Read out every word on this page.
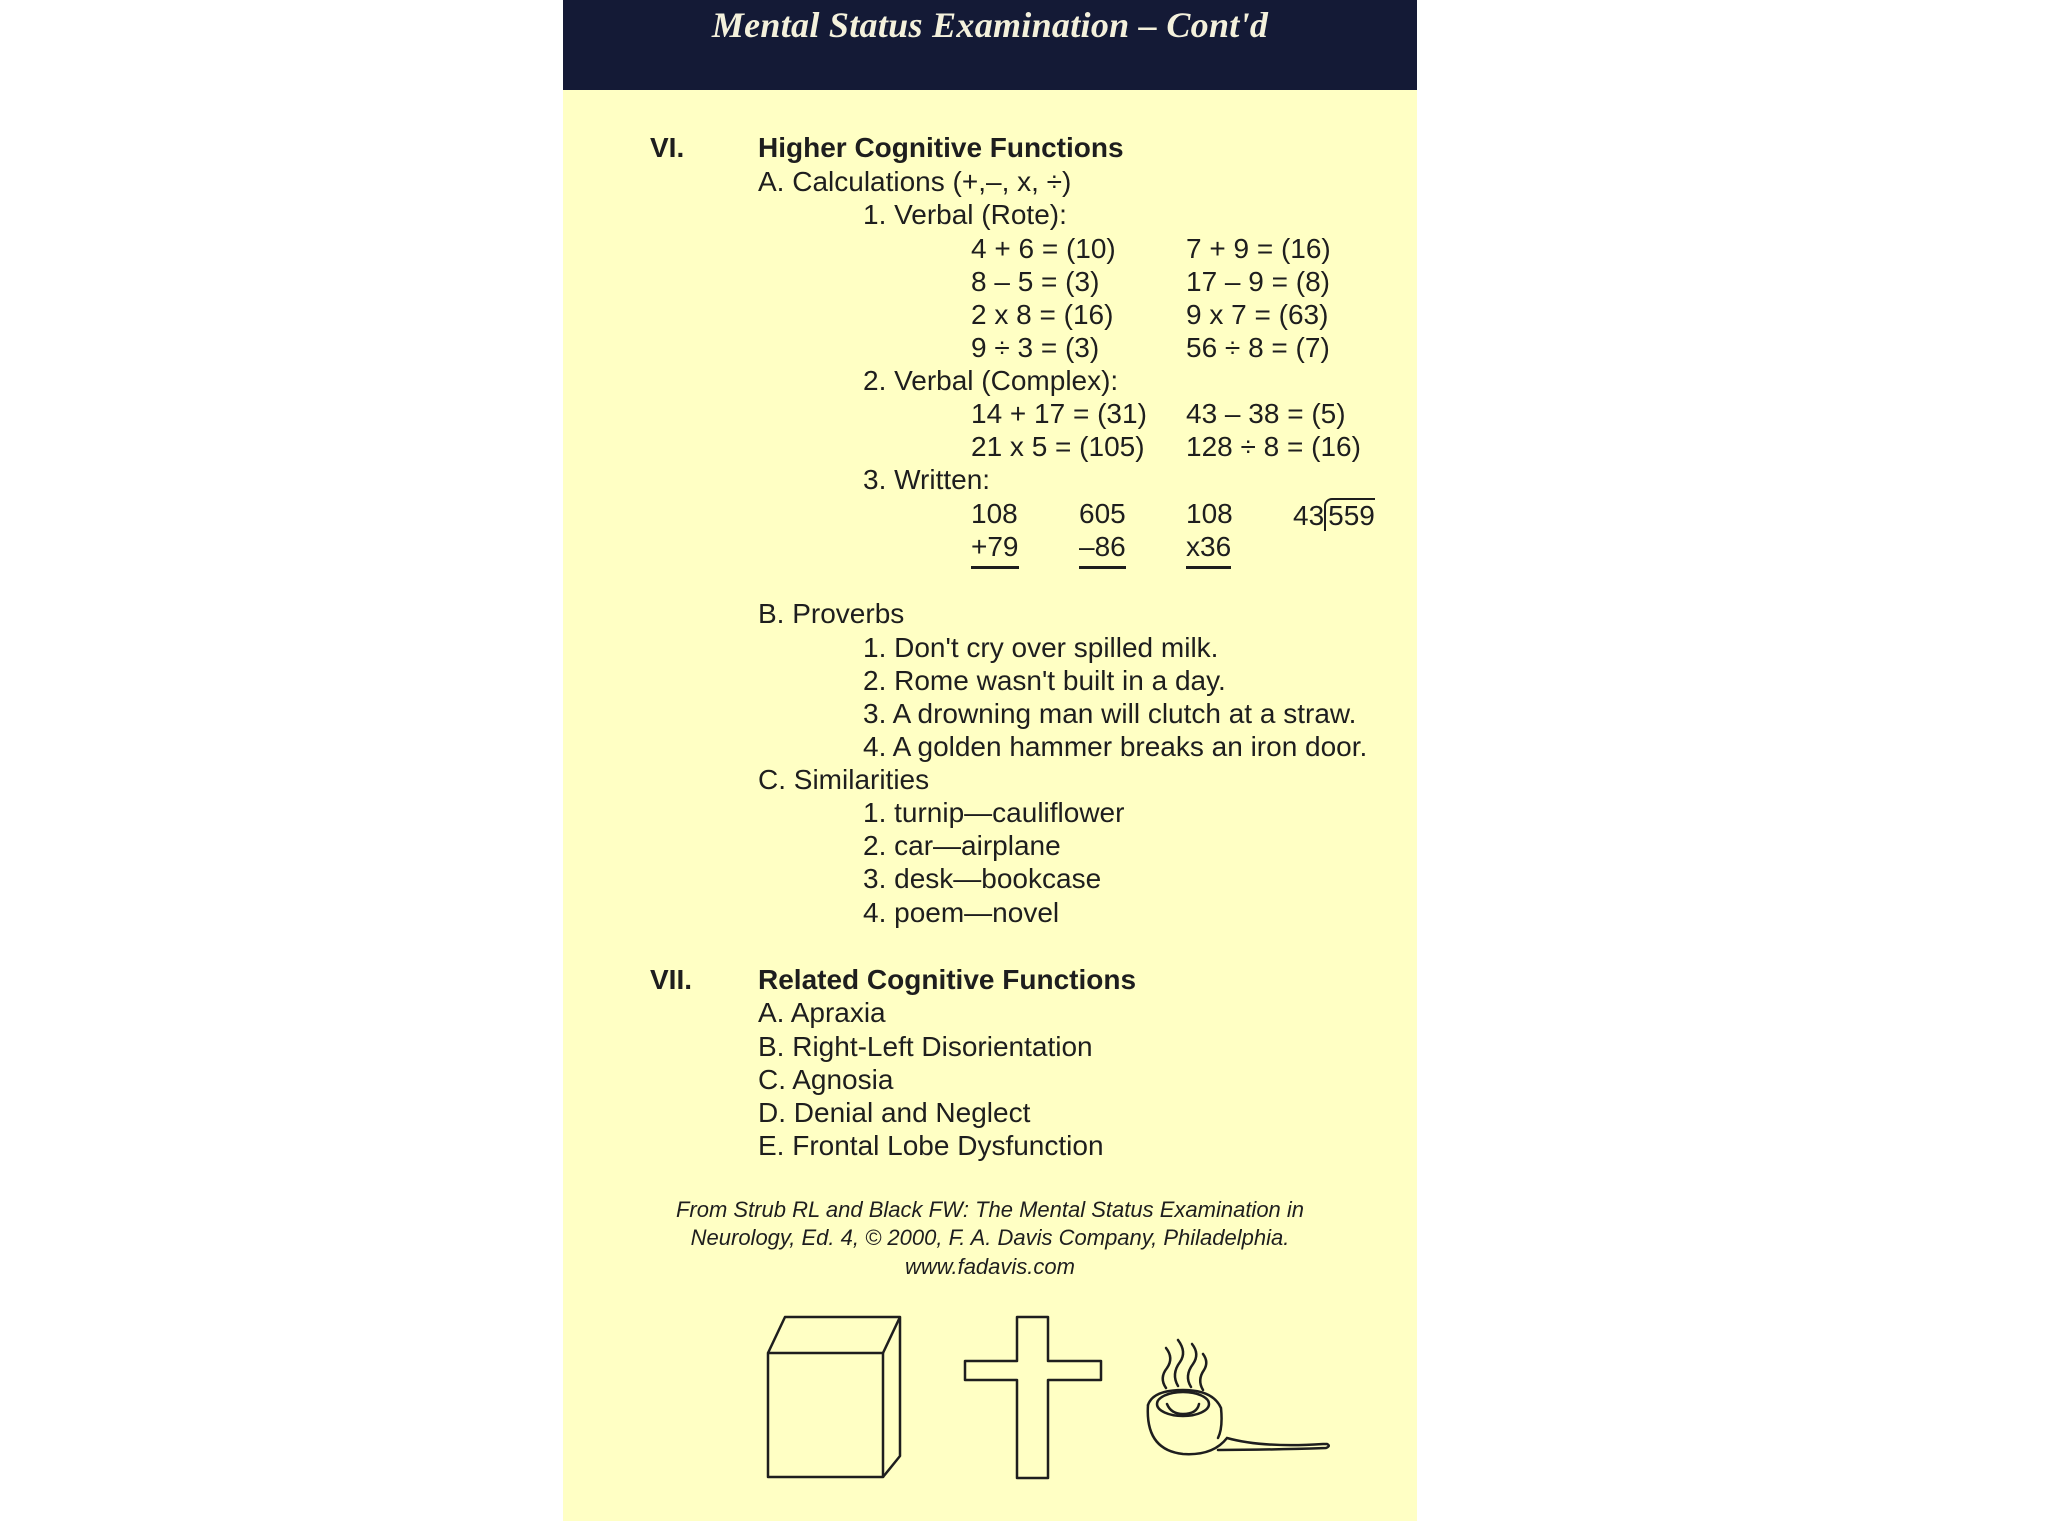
Mental Status Examination – Cont'd
VI.	Higher Cognitive Functions
A. Calculations (+,–, x, ÷)
1. Verbal (Rote):
4 + 6 = (10)
8 – 5 = (3)
2 x 8 = (16)
9 ÷ 3 = (3)
7 + 9 = (16)
17 – 9 = (8)
9 x 7 = (63)
56 ÷ 8 = (7)
2. Verbal (Complex):
14 + 17 = (31)
21 x 5 = (105)
43 – 38 = (5)
128 ÷ 8 = (16)
3. Written:
108 605 108
+79 –86 x36
43 559
B. Proverbs
1. Don't cry over spilled milk.
2. Rome wasn't built in a day.
3. A drowning man will clutch at a straw.
4. A golden hammer breaks an iron door.
C. Similarities
1. turnip—cauliflower
2. car—airplane
3. desk—bookcase
4. poem—novel
VII. Related Cognitive Functions
A. Apraxia
B. Right-Left Disorientation
C. Agnosia
D. Denial and Neglect
E. Frontal Lobe Dysfunction
From Strub RL and Black FW: The Mental Status Examination in
Neurology, Ed. 4, © 2000, F. A. Davis Company, Philadelphia.
www.fadavis.com
